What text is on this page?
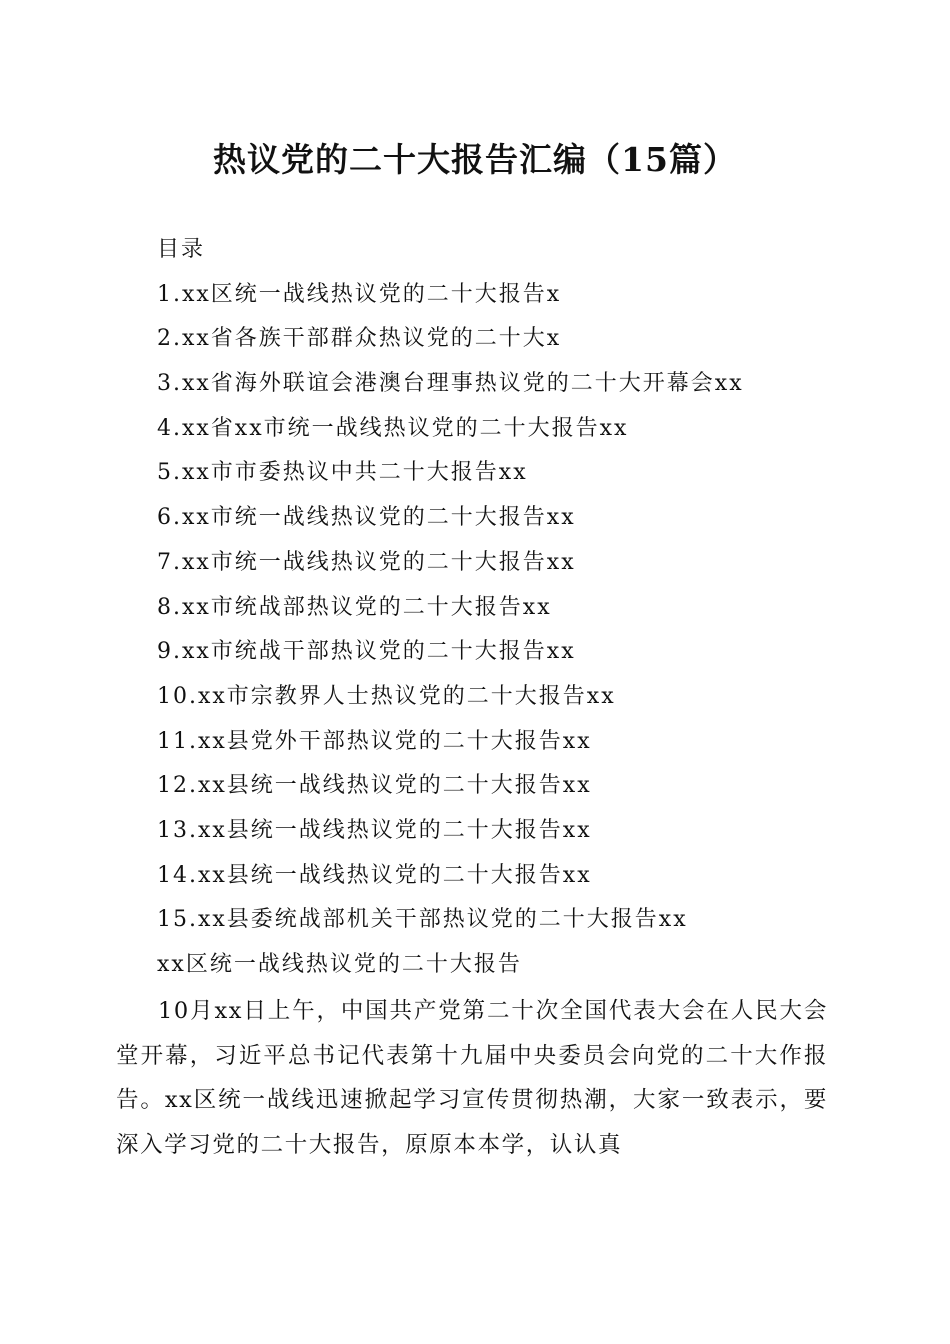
热议党的二十大报告汇编（15篇）
目录
1.xx区统一战线热议党的二十大报告x
2.xx省各族干部群众热议党的二十大x
3.xx省海外联谊会港澳台理事热议党的二十大开幕会xx
4.xx省xx市统一战线热议党的二十大报告xx
5.xx市市委热议中共二十大报告xx
6.xx市统一战线热议党的二十大报告xx
7.xx市统一战线热议党的二十大报告xx
8.xx市统战部热议党的二十大报告xx
9.xx市统战干部热议党的二十大报告xx
10.xx市宗教界人士热议党的二十大报告xx
11.xx县党外干部热议党的二十大报告xx
12.xx县统一战线热议党的二十大报告xx
13.xx县统一战线热议党的二十大报告xx
14.xx县统一战线热议党的二十大报告xx
15.xx县委统战部机关干部热议党的二十大报告xx
xx区统一战线热议党的二十大报告

10月xx日上午，中国共产党第二十次全国代表大会在人民大会堂开幕，习近平总书记代表第十九届中央委员会向党的二十大作报告。xx区统一战线迅速掀起学习宣传贯彻热潮，大家一致表示，要深入学习党的二十大报告，原原本本学，认认真
